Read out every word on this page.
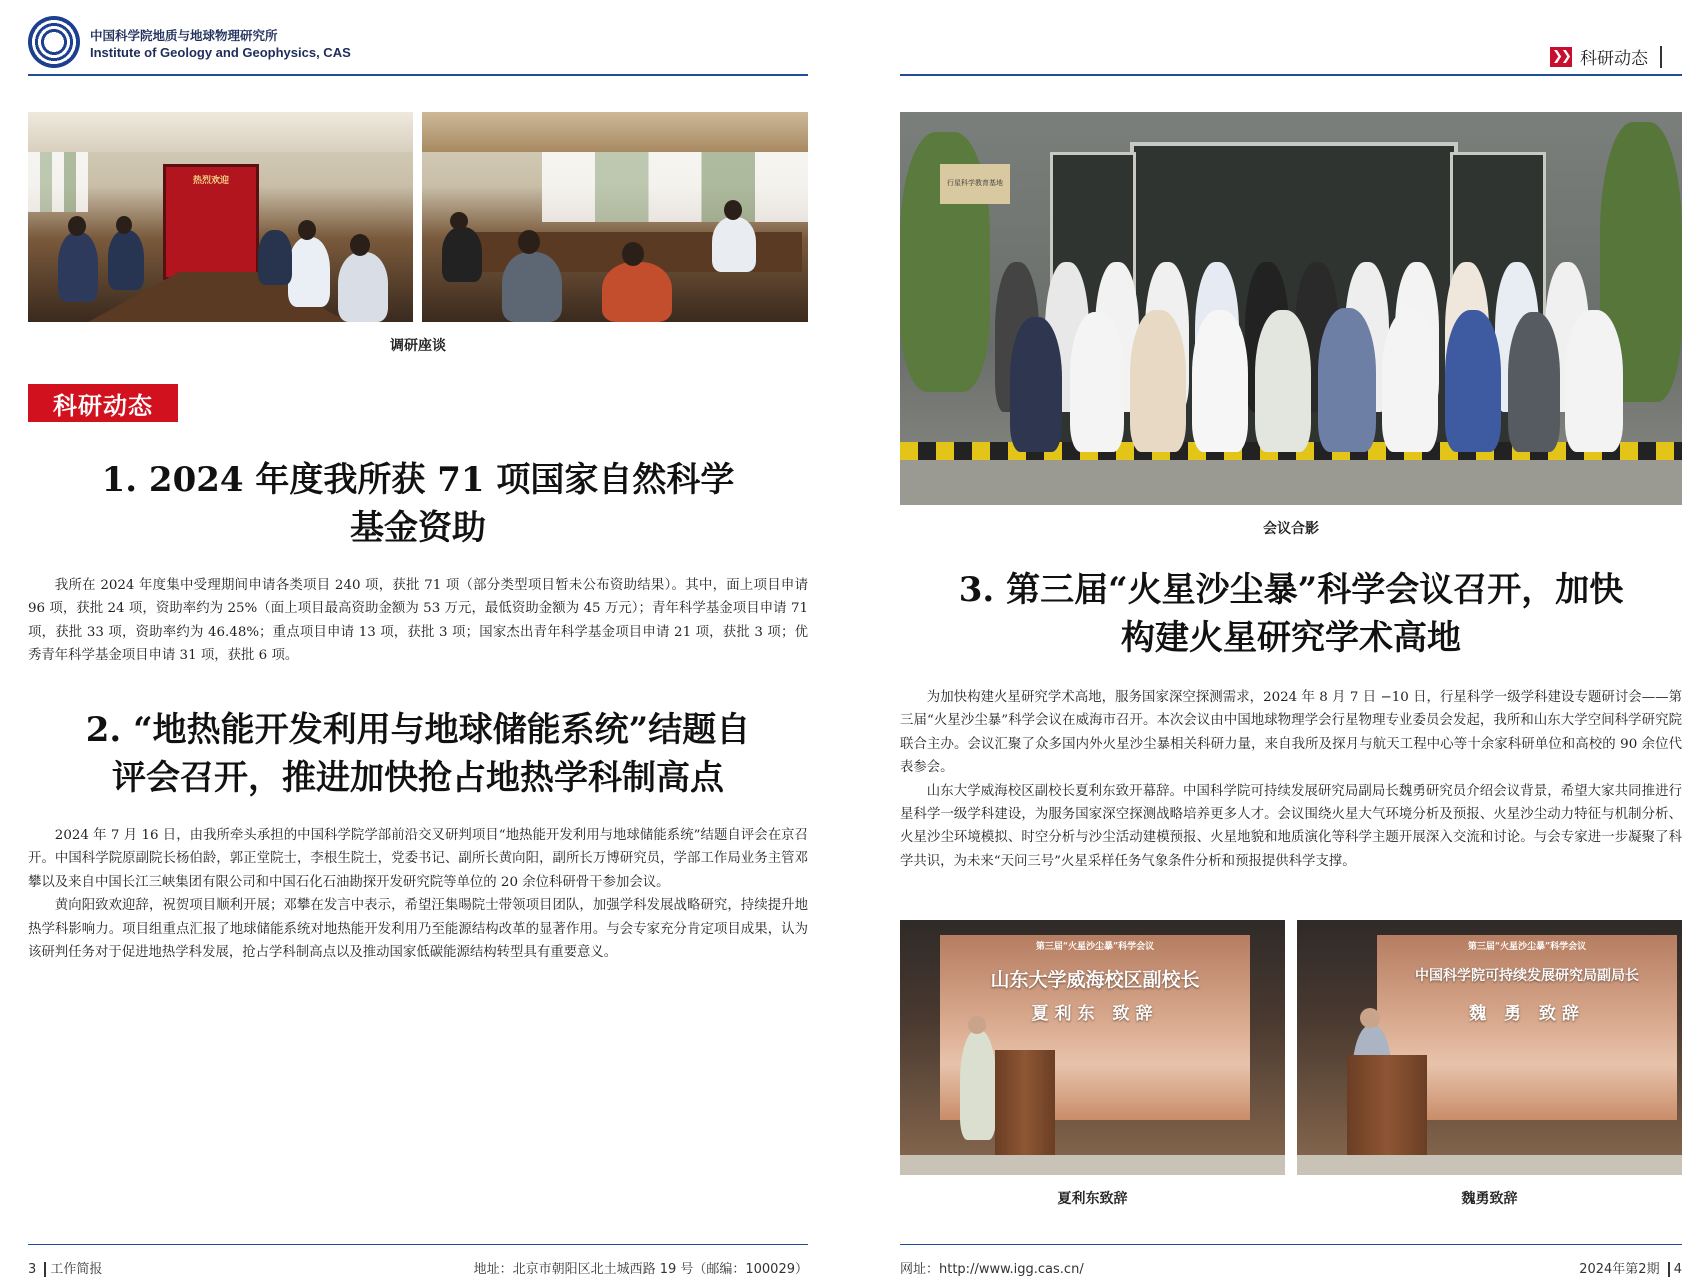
中国科学院地质与地球物理研究所
Institute of Geology and Geophysics, CAS
热烈欢迎
调研座谈
科研动态
1. 2024 年度我所获 71 项国家自然科学
基金资助

我所在 2024 年度集中受理期间申请各类项目 240 项，获批 71 项（部分类型项目暂未公布资助结果）。其中，面上项目申请 96 项，获批 24 项，资助率约为 25%（面上项目最高资助金额为 53 万元，最低资助金额为 45 万元）；青年科学基金项目申请 71 项，获批 33 项，资助率约为 46.48%；重点项目申请 13 项，获批 3 项；国家杰出青年科学基金项目申请 21 项，获批 3 项；优秀青年科学基金项目申请 31 项，获批 6 项。

2. “地热能开发利用与地球储能系统”结题自
评会召开，推进加快抢占地热学科制高点

2024 年 7 月 16 日，由我所牵头承担的中国科学院学部前沿交叉研判项目“地热能开发利用与地球储能系统”结题自评会在京召开。中国科学院原副院长杨伯龄，郭正堂院士，李根生院士，党委书记、副所长黄向阳，副所长万博研究员，学部工作局业务主管邓攀以及来自中国长江三峡集团有限公司和中国石化石油勘探开发研究院等单位的 20 余位科研骨干参加会议。

黄向阳致欢迎辞，祝贺项目顺利开展；邓攀在发言中表示，希望汪集暘院士带领项目团队，加强学科发展战略研究，持续提升地热学科影响力。项目组重点汇报了地球储能系统对地热能开发利用乃至能源结构改革的显著作用。与会专家充分肯定项目成果，认为该研判任务对于促进地热学科发展，抢占学科制高点以及推动国家低碳能源结构转型具有重要意义。

3 工作简报	地址：北京市朝阳区北土城西路 19 号（邮编：100029）
❯❯ 科研动态
行星科学教育基地
会议合影
3. 第三届“火星沙尘暴”科学会议召开，加快
构建火星研究学术高地

为加快构建火星研究学术高地，服务国家深空探测需求，2024 年 8 月 7 日 −10 日，行星科学一级学科建设专题研讨会——第三届“火星沙尘暴”科学会议在威海市召开。本次会议由中国地球物理学会行星物理专业委员会发起，我所和山东大学空间科学研究院联合主办。会议汇聚了众多国内外火星沙尘暴相关科研力量，来自我所及探月与航天工程中心等十余家科研单位和高校的 90 余位代表参会。

山东大学威海校区副校长夏利东致开幕辞。中国科学院可持续发展研究局副局长魏勇研究员介绍会议背景，希望大家共同推进行星科学一级学科建设，为服务国家深空探测战略培养更多人才。会议围绕火星大气环境分析及预报、火星沙尘动力特征与机制分析、火星沙尘环境模拟、时空分析与沙尘活动建模预报、火星地貌和地质演化等科学主题开展深入交流和讨论。与会专家进一步凝聚了科学共识，为未来“天问三号”火星采样任务气象条件分析和预报提供科学支撑。

第三届“火星沙尘暴”科学会议
山东大学威海校区副校长
夏利东 致辞
第三届“火星沙尘暴”科学会议
中国科学院可持续发展研究局副局长
魏 勇 致辞
夏利东致辞	魏勇致辞
网址：http://www.igg.cas.cn/	2024年第2期 4
